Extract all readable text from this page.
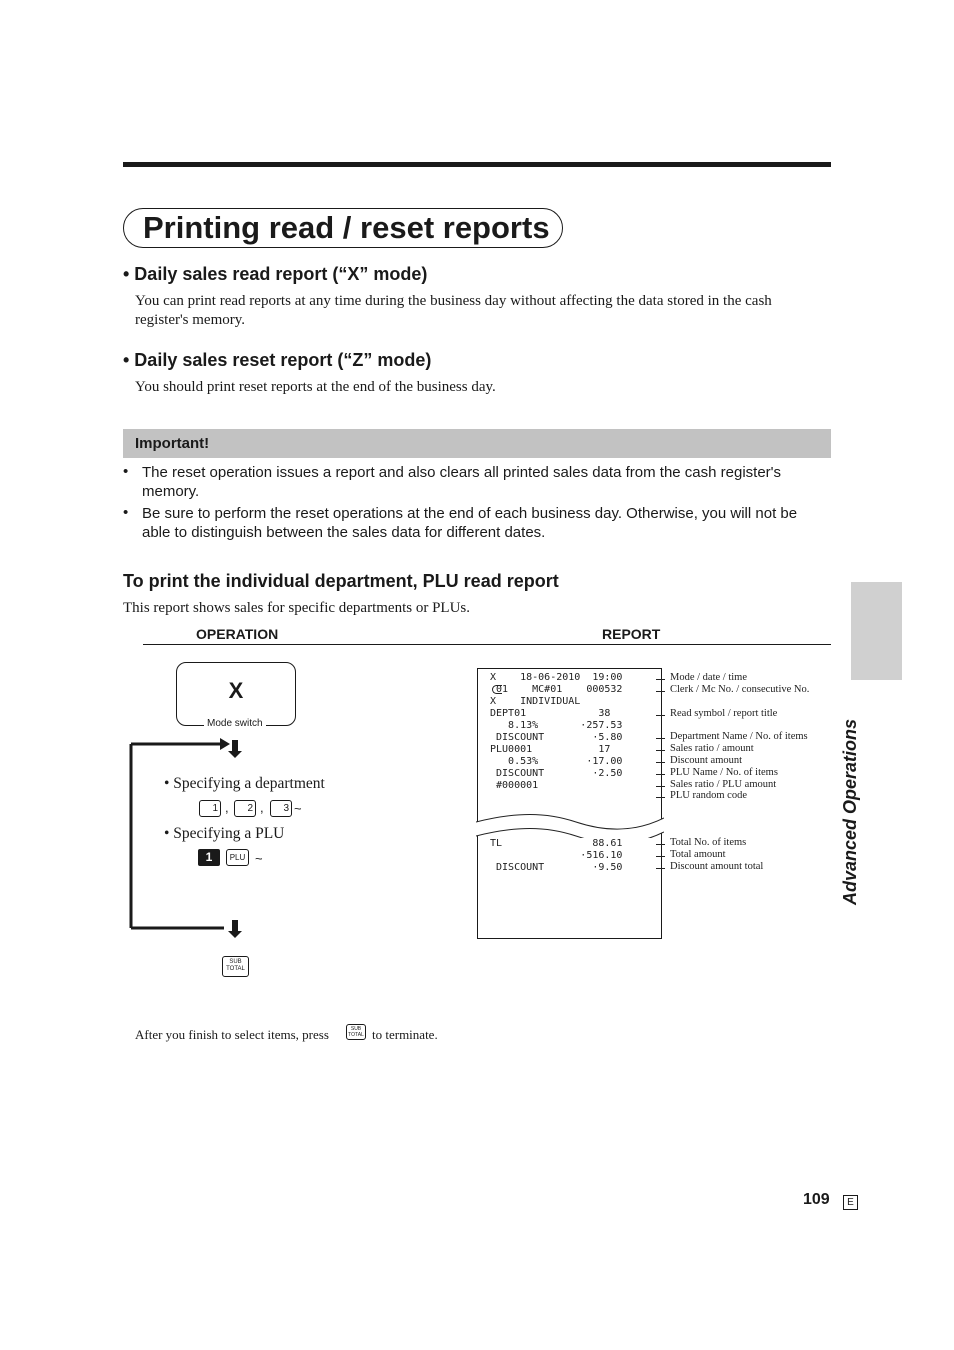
Printing read / reset reports
• Daily sales read report (“X” mode)
You can print read reports at any time during the business day without affecting the data stored in the cash register's memory.
• Daily sales reset report (“Z” mode)
You should print reset reports at the end of the business day.
Important!
• The reset operation issues a report and also clears all printed sales data from the cash register's memory.
• Be sure to perform the reset operations at the end of each business day. Otherwise, you will not be able to distinguish between the sales data for different dates.
To print the individual department, PLU read report
This report shows sales for specific departments or PLUs.
OPERATION	REPORT
X
Mode switch
• Specifying a department
1 ,	2 ,	3 ~
• Specifying a PLU
1	PLU ~
SUB
TOTAL
After you finish to select items, press	SUB
TOTAL to terminate.
X    18-06-2010  19:00
01    MC#01    000532
X    INDIVIDUAL
DEPT01            38
8.13%       ·257.53
DISCOUNT        ·5.80
PLU0001           17
0.53%        ·17.00
DISCOUNT        ·2.50
#000001
TL               88.61
·516.10
DISCOUNT        ·9.50
Mode / date / time
Clerk / Mc No. / consecutive No.
Read symbol / report title
Department Name / No. of items
Sales ratio / amount
Discount amount
PLU Name / No. of items
Sales ratio / PLU amount
PLU random code
Total No. of items
Total amount
Discount amount total	Advanced Operations
109	E
